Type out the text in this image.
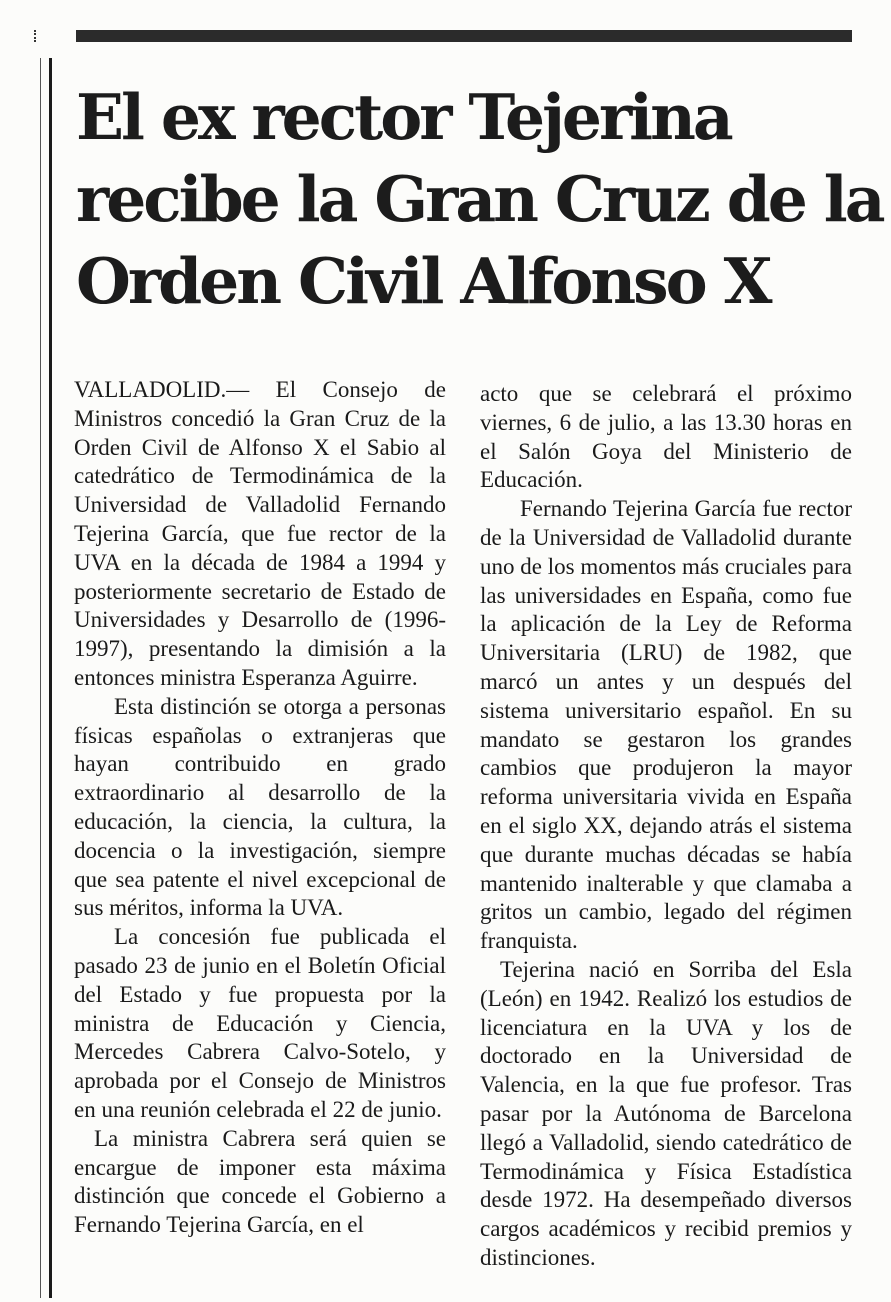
El ex rector Tejerina
recibe la Gran Cruz de la
Orden Civil Alfonso X

VALLADOLID.— El Consejo de Ministros concedió la Gran Cruz de la Orden Civil de Alfonso X el Sabio al catedrático de Termodinámica de la Universidad de Valladolid Fernando Tejerina García, que fue rector de la UVA en la década de 1984 a 1994 y posteriormente secretario de Estado de Universidades y Desarrollo de (1996-1997), presentando la dimisión a la entonces ministra Esperanza Aguirre.

Esta distinción se otorga a personas físicas españolas o extranjeras que hayan contribuido en grado extraordinario al desarrollo de la educación, la ciencia, la cultura, la docencia o la investigación, siempre que sea patente el nivel excepcional de sus méritos, informa la UVA.

La concesión fue publicada el pasado 23 de junio en el Boletín Oficial del Estado y fue propuesta por la ministra de Educación y Ciencia, Mercedes Cabrera Calvo-Sotelo, y aprobada por el Consejo de Ministros en una reunión celebrada el 22 de junio.

La ministra Cabrera será quien se encargue de imponer esta máxima distinción que concede el Gobierno a Fernando Tejerina García, en el

acto que se celebrará el próximo viernes, 6 de julio, a las 13.30 horas en el Salón Goya del Ministerio de Educación.

Fernando Tejerina García fue rector de la Universidad de Valladolid durante uno de los momentos más cruciales para las universidades en España, como fue la aplicación de la Ley de Reforma Universitaria (LRU) de 1982, que marcó un antes y un después del sistema universitario español. En su mandato se gestaron los grandes cambios que produjeron la mayor reforma universitaria vivida en España en el siglo XX, dejando atrás el sistema que durante muchas décadas se había mantenido inalterable y que clamaba a gritos un cambio, legado del régimen franquista.

Tejerina nació en Sorriba del Esla (León) en 1942. Realizó los estudios de licenciatura en la UVA y los de doctorado en la Universidad de Valencia, en la que fue profesor. Tras pasar por la Autónoma de Barcelona llegó a Valladolid, siendo catedrático de Termodinámica y Física Estadística desde 1972. Ha desempeñado diversos cargos académicos y recibid premios y distinciones.
